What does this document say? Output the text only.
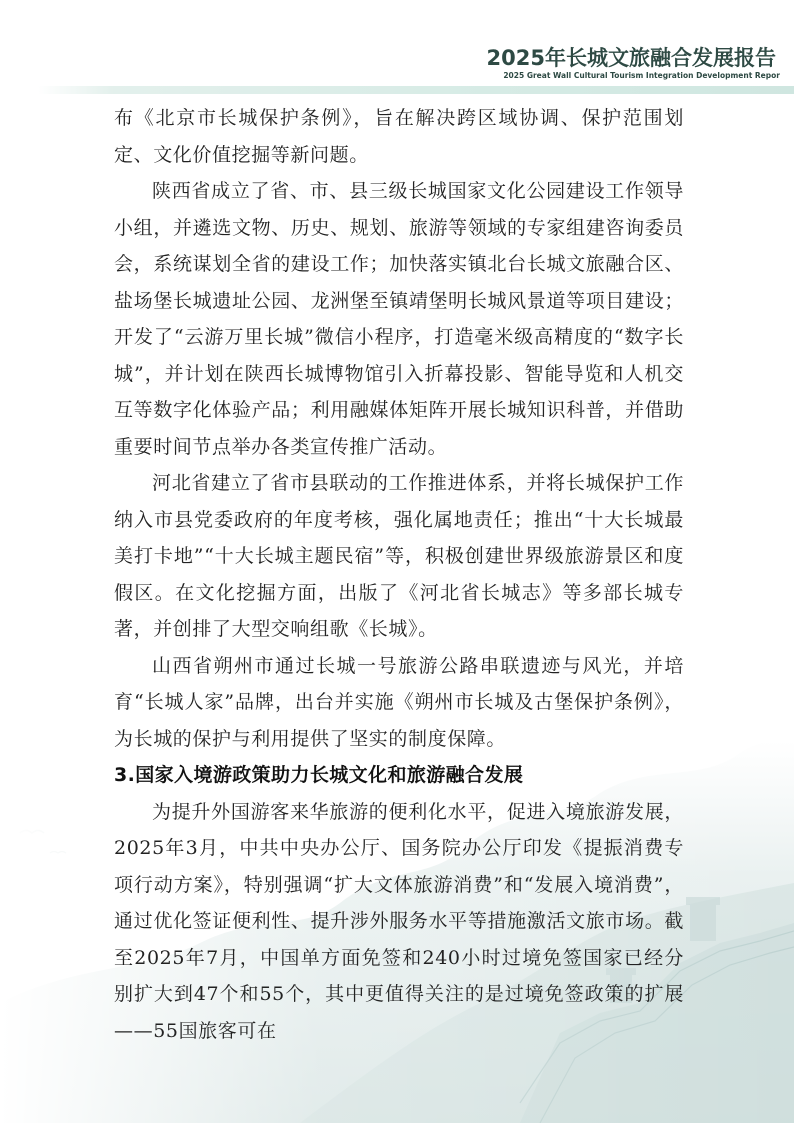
2025年长城文旅融合发展报告
2025 Great Wall Cultural Tourism Integration Development Repor

布《北京市长城保护条例》，旨在解决跨区域协调、保护范围划定、文化价值挖掘等新问题。

陕西省成立了省、市、县三级长城国家文化公园建设工作领导小组，并遴选文物、历史、规划、旅游等领域的专家组建咨询委员会，系统谋划全省的建设工作；加快落实镇北台长城文旅融合区、盐场堡长城遗址公园、龙洲堡至镇靖堡明长城风景道等项目建设；开发了“云游万里长城”微信小程序，打造毫米级高精度的“数字长城”，并计划在陕西长城博物馆引入折幕投影、智能导览和人机交互等数字化体验产品；利用融媒体矩阵开展长城知识科普，并借助重要时间节点举办各类宣传推广活动。

河北省建立了省市县联动的工作推进体系，并将长城保护工作纳入市县党委政府的年度考核，强化属地责任；推出“十大长城最美打卡地”“十大长城主题民宿”等，积极创建世界级旅游景区和度假区。在文化挖掘方面，出版了《河北省长城志》等多部长城专著，并创排了大型交响组歌《长城》。

山西省朔州市通过长城一号旅游公路串联遗迹与风光，并培育“长城人家”品牌，出台并实施《朔州市长城及古堡保护条例》，为长城的保护与利用提供了坚实的制度保障。

3.国家入境游政策助力长城文化和旅游融合发展

为提升外国游客来华旅游的便利化水平，促进入境旅游发展，2025年3月，中共中央办公厅、国务院办公厅印发《提振消费专项行动方案》，特别强调“扩大文体旅游消费”和“发展入境消费”，通过优化签证便利性、提升涉外服务水平等措施激活文旅市场。截至2025年7月，中国单方面免签和240小时过境免签国家已经分别扩大到47个和55个，其中更值得关注的是过境免签政策的扩展——55国旅客可在
